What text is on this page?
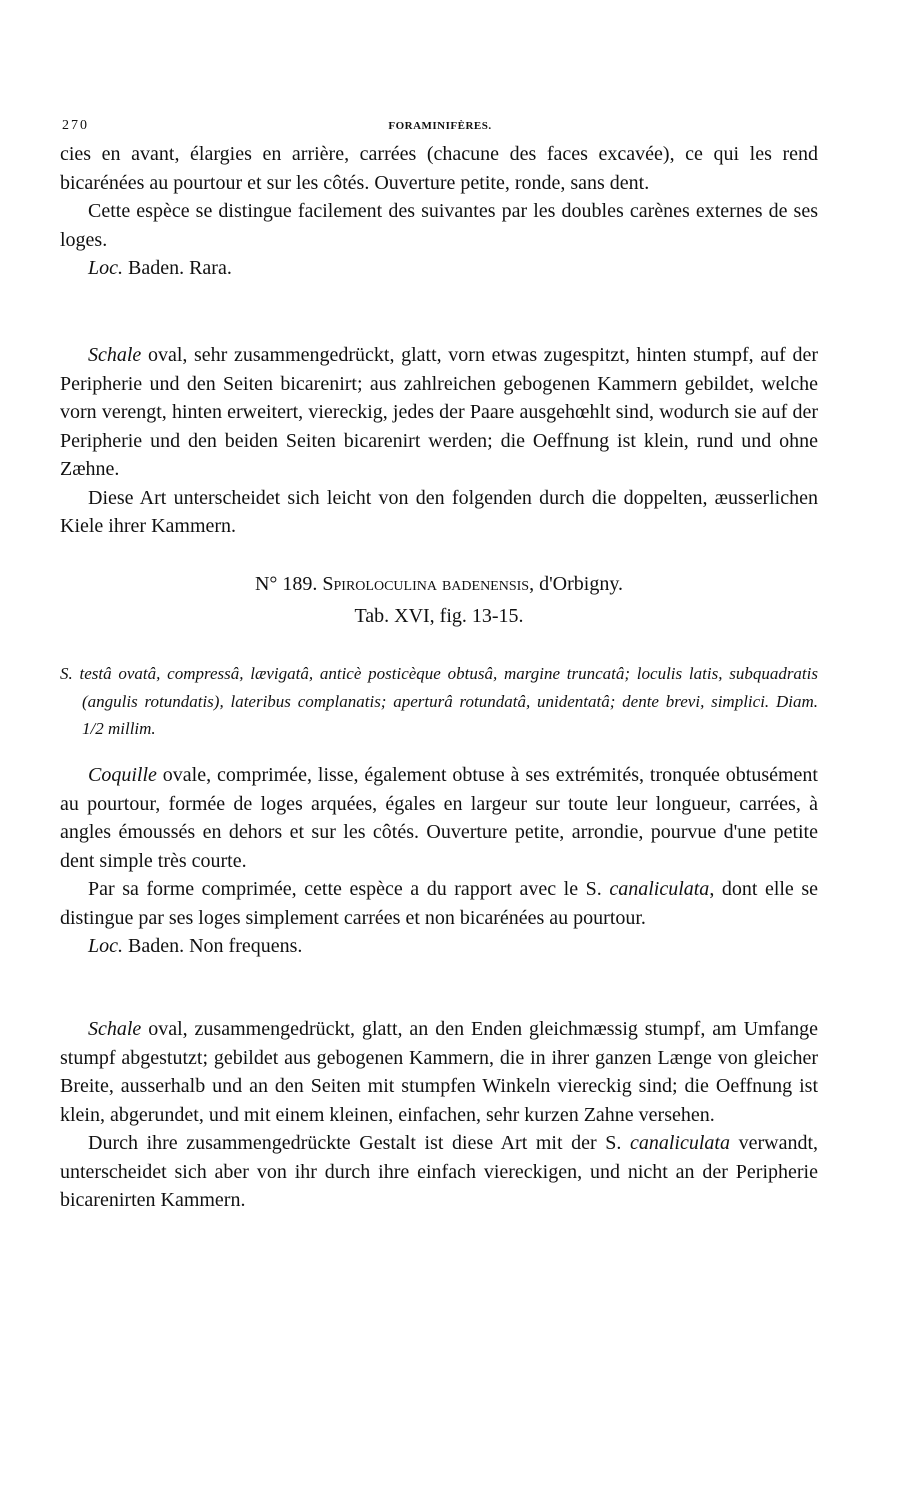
270	FORAMINIFÈRES.

cies en avant, élargies en arrière, carrées (chacune des faces excavée), ce qui les rend bicarénées au pourtour et sur les côtés. Ouverture petite, ronde, sans dent.

Cette espèce se distingue facilement des suivantes par les doubles carènes externes de ses loges.

Loc. Baden. Rara.

Schale oval, sehr zusammengedrückt, glatt, vorn etwas zugespitzt, hinten stumpf, auf der Peripherie und den Seiten bicarenirt; aus zahlreichen gebogenen Kammern gebildet, welche vorn verengt, hinten erweitert, viereckig, jedes der Paare ausgehœhlt sind, wodurch sie auf der Peripherie und den beiden Seiten bicarenirt werden; die Oeffnung ist klein, rund und ohne Zæhne.

Diese Art unterscheidet sich leicht von den folgenden durch die doppelten, æusserlichen Kiele ihrer Kammern.

N° 189. Spiroloculina badenensis, d'Orbigny.
Tab. XVI, fig. 13-15.

S. testâ ovatâ, compressâ, lævigatâ, anticè posticèque obtusâ, margine truncatâ; loculis latis, subquadratis (angulis rotundatis), lateribus complanatis; aperturâ rotundatâ, unidentatâ; dente brevi, simplici. Diam. 1/2 millim.

Coquille ovale, comprimée, lisse, également obtuse à ses extrémités, tronquée obtusément au pourtour, formée de loges arquées, égales en largeur sur toute leur longueur, carrées, à angles émoussés en dehors et sur les côtés. Ouverture petite, arrondie, pourvue d'une petite dent simple très courte.

Par sa forme comprimée, cette espèce a du rapport avec le S. canaliculata, dont elle se distingue par ses loges simplement carrées et non bicarénées au pourtour.

Loc. Baden. Non frequens.

Schale oval, zusammengedrückt, glatt, an den Enden gleichmæssig stumpf, am Umfange stumpf abgestutzt; gebildet aus gebogenen Kammern, die in ihrer ganzen Længe von gleicher Breite, ausserhalb und an den Seiten mit stumpfen Winkeln viereckig sind; die Oeffnung ist klein, abgerundet, und mit einem kleinen, einfachen, sehr kurzen Zahne versehen.

Durch ihre zusammengedrückte Gestalt ist diese Art mit der S. canaliculata verwandt, unterscheidet sich aber von ihr durch ihre einfach viereckigen, und nicht an der Peripherie bicarenirten Kammern.
